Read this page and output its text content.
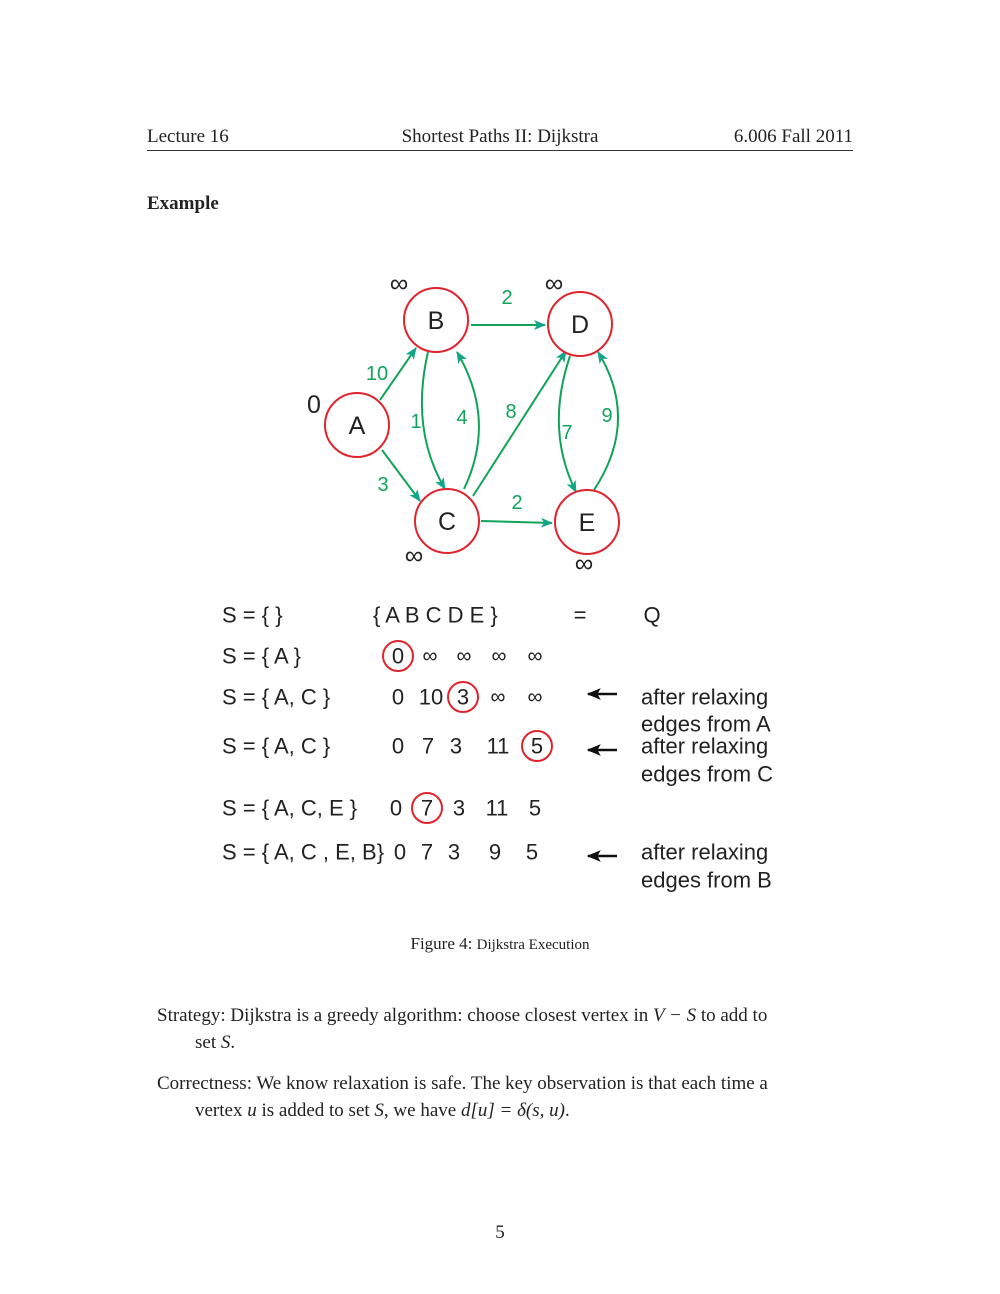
Lecture 16	Shortest Paths II: Dijkstra	6.006 Fall 2011
Example
10
3
2
1 4 8
2
7
9
A
0
B
∞
C
∞
D
∞
E
∞
S = { }	{ A B C D E }	=	Q
S = { A }	0 ∞ ∞ ∞ ∞
S = { A, C }	0 10 3 ∞ ∞	after relaxing
edges from A
S = { A, C }	0 7 3 11 5	after relaxing
edges from C
S = { A, C, E } 0 7 3 11 5
S = { A, C , E, B} 0 7 3 9 5	after relaxing
edges from B
Figure 4: Dijkstra Execution
Strategy: Dijkstra is a greedy algorithm: choose closest vertex in V − S to add to
set S.
Correctness: We know relaxation is safe. The key observation is that each time a
vertex u is added to set S, we have d[u] = δ(s, u).
5
